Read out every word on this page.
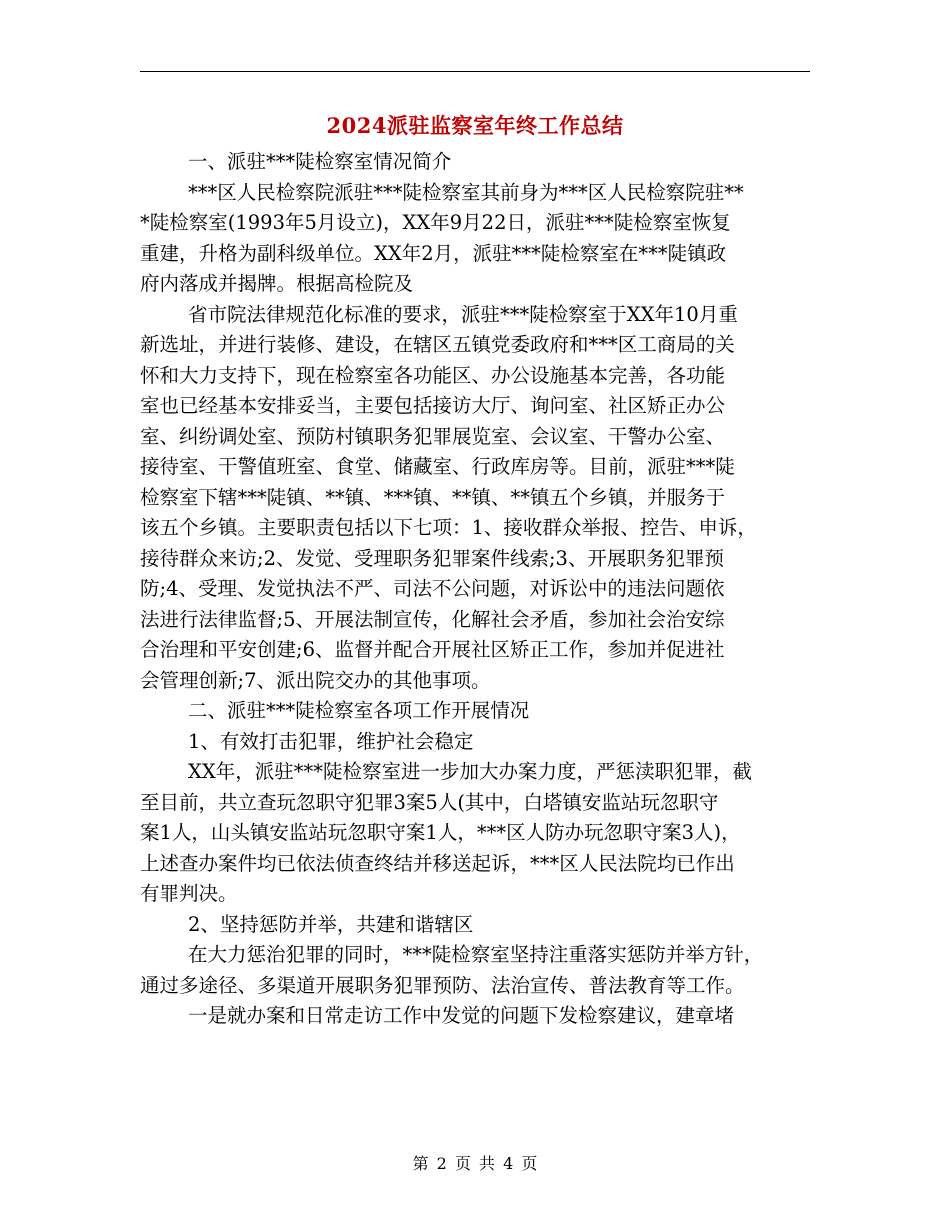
2024派驻监察室年终工作总结
一、派驻***陡检察室情况简介
***区人民检察院派驻***陡检察室其前身为***区人民检察院驻**
*陡检察室(1993年5月设立)，XX年9月22日，派驻***陡检察室恢复
重建，升格为副科级单位。XX年2月，派驻***陡检察室在***陡镇政
府内落成并揭牌。根据高检院及
省市院法律规范化标准的要求，派驻***陡检察室于XX年10月重
新选址，并进行装修、建设，在辖区五镇党委政府和***区工商局的关
怀和大力支持下，现在检察室各功能区、办公设施基本完善，各功能
室也已经基本安排妥当，主要包括接访大厅、询问室、社区矫正办公
室、纠纷调处室、预防村镇职务犯罪展览室、会议室、干警办公室、
接待室、干警值班室、食堂、储藏室、行政库房等。目前，派驻***陡
检察室下辖***陡镇、**镇、***镇、**镇、**镇五个乡镇，并服务于
该五个乡镇。主要职责包括以下七项：1、接收群众举报、控告、申诉，
接待群众来访;2、发觉、受理职务犯罪案件线索;3、开展职务犯罪预
防;4、受理、发觉执法不严、司法不公问题，对诉讼中的违法问题依
法进行法律监督;5、开展法制宣传，化解社会矛盾，参加社会治安综
合治理和平安创建;6、监督并配合开展社区矫正工作，参加并促进社
会管理创新;7、派出院交办的其他事项。
二、派驻***陡检察室各项工作开展情况
1、有效打击犯罪，维护社会稳定
XX年，派驻***陡检察室进一步加大办案力度，严惩渎职犯罪，截
至目前，共立查玩忽职守犯罪3案5人(其中，白塔镇安监站玩忽职守
案1人，山头镇安监站玩忽职守案1人，***区人防办玩忽职守案3人)，
上述查办案件均已依法侦查终结并移送起诉，***区人民法院均已作出
有罪判决。
2、坚持惩防并举，共建和谐辖区
在大力惩治犯罪的同时，***陡检察室坚持注重落实惩防并举方针，
通过多途径、多渠道开展职务犯罪预防、法治宣传、普法教育等工作。
一是就办案和日常走访工作中发觉的问题下发检察建议，建章堵
第 2 页 共 4 页
